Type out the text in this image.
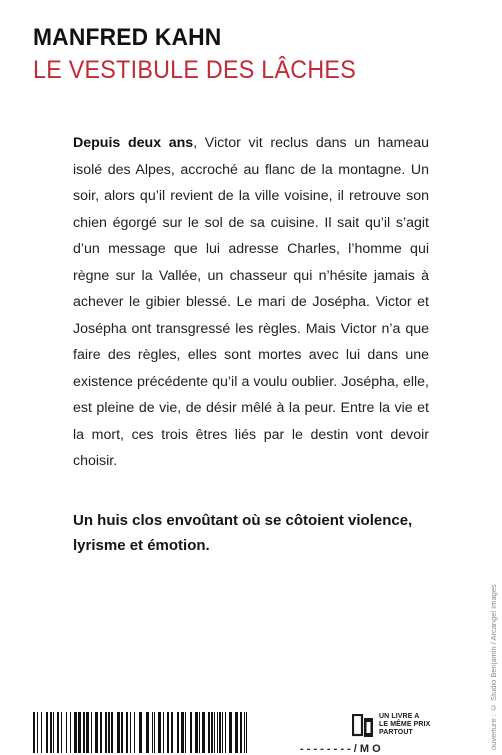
MANFRED KAHN
LE VESTIBULE DES LÂCHES
Depuis deux ans, Victor vit reclus dans un hameau isolé des Alpes, accroché au flanc de la montagne. Un soir, alors qu’il revient de la ville voisine, il retrouve son chien égorgé sur le sol de sa cuisine. Il sait qu’il s’agit d’un message que lui adresse Charles, l’homme qui règne sur la Vallée, un chasseur qui n’hésite jamais à achever le gibier blessé. Le mari de Josépha. Victor et Josépha ont transgressé les règles. Mais Victor n’a que faire des règles, elles sont mortes avec lui dans une existence précédente qu’il a voulu oublier. Josépha, elle, est pleine de vie, de désir mêlé à la peur. Entre la vie et la mort, ces trois êtres liés par le destin vont devoir choisir.
Un huis clos envoûtant où se côtoient violence, lyrisme et émotion.
ouverture : © Studio Benjamin / Arcangel Images
UN LIVRE A
LE MÊME PRIX
PARTOUT
- - - - - - - - / M O
